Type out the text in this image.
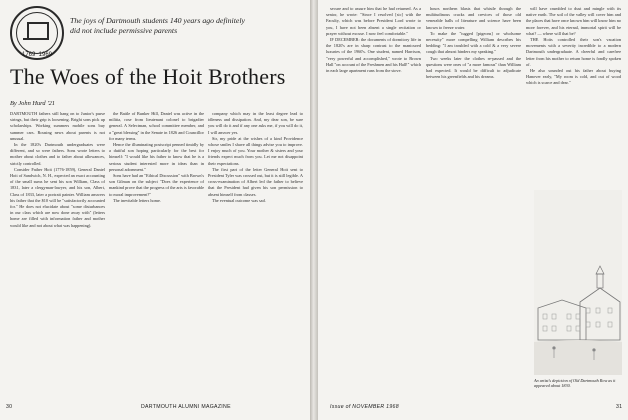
1769 1969
The joys of Dartmouth students 140 years ago definitely did not include permissive parents
The Woes of the Hoit Brothers
By John Hurd '21

DARTMOUTH fathers still hang on to Junior's purse strings, but their grip is loosening. Bright sons pick up scholarships. Working summers mobile sons buy summer cars. Rousing news about parents is not unusual.

In the 1820's Dartmouth undergraduates were different, and so were fathers. Sons wrote letters to mother about clothes and to father about allowances, strictly controlled.

Consider Father Hoit (1776-1859), General Daniel Hoit of Sandwich, N. H., expected an exact accounting of the small sums he sent his son William, Class of 1831, later a clergyman-lawyer, and his son, Albert, Class of 1833, later a portrait painter. William answers his father that the $10 will be "satisfactorily accounted for." He does not elucidate about "some disturbances in our class which are now done away with" (letters home are filled with information father and mother would like and not about what was happening).

the Battle of Bunker Hill, Daniel was active in the militia, rose from lieutenant colonel to brigadier general. A Selectman, school committee member, and a "great blessing" in the Senate in 1826 and Councillor for many terms.

Hence the illuminating postscript penned timidly by a dutiful son hoping particularly for the best for himself: "I would like his father to know that he is a serious student interested more in ideas than in personal adornment."

Sons have had an "Ethical Discussion" with Brown's son Gilman on the subject "Does the experience of mankind prove that the progress of the arts is favorable to moral improvement?"

The inevitable letters home.

company which may in the least degree lead to idleness and dissipation. And, my dear son, be sure you will do it and if any one asks me, if you will do it, I will answer yes.

Sir, my pride at the wishes of a kind Providence whose smiles I shave all things advise you to improve. I enjoy much of you. Your mother & sisters and your friends expect much from you. Let me not disappoint their expectations.

The first part of the letter General Hoit sent to President Tyler was crossed out, but it is still legible. A cross-examination of Albert led the father to believe that the President had given his son permission to absent himself from classes.

The eventual outcome was sad.

30	DARTMOUTH ALUMNI MAGAZINE

secure and to assure him that he had returned. As a senior, he wrote: "Since I resolved [sic] with the Faculty, which was before President Lord wrote to you, I have not been absent a single recitation or prayer without excuse. I now feel comfortable."

IF DECEMBER: the documents of dormitory life in the 1820's are in sharp contrast to the manicured luxuries of the 1960's. One student, named Harrison, "very powerful and accomplished," wrote to Brown Hall "on account of the Freshmen and his Hall!" which in each large apartment runs from the stove.

hours northern blasts that whistle through the multitudinous cracks and crevices of those old venerable halls of literature and science have been known to freeze water.

To make the "tugged [pigeons] or wholsome necessity" more compelling William describes his bedding: "I am troubled with a cold & a very severe cough that almost hinders my speaking."

Two weeks later the clothes re-passed and the questions were ones of "a more famous" than William had expected. It would be difficult to adjudicate between his greenfields and his dreams.

will have crumbled to dust and mingle with its native earth. The soil of the valley will cover him and the places that have once known him will know him no more forever, and his eternal, immortal spirit will be what? — where will that be?

THE Hoits controlled their son's vacation movements with a severity incredible to a modern Dartmouth undergraduate. A cheerful and carefree letter from his mother to return home is fondly spoken of.

He also sounded out his father about buying Hanover early, "My room is cold, and out of wood which is scarce and dear."

An artist's depiction of Old Dartmouth Row as it appeared about 1830.
Issue of NOVEMBER 1968	31
